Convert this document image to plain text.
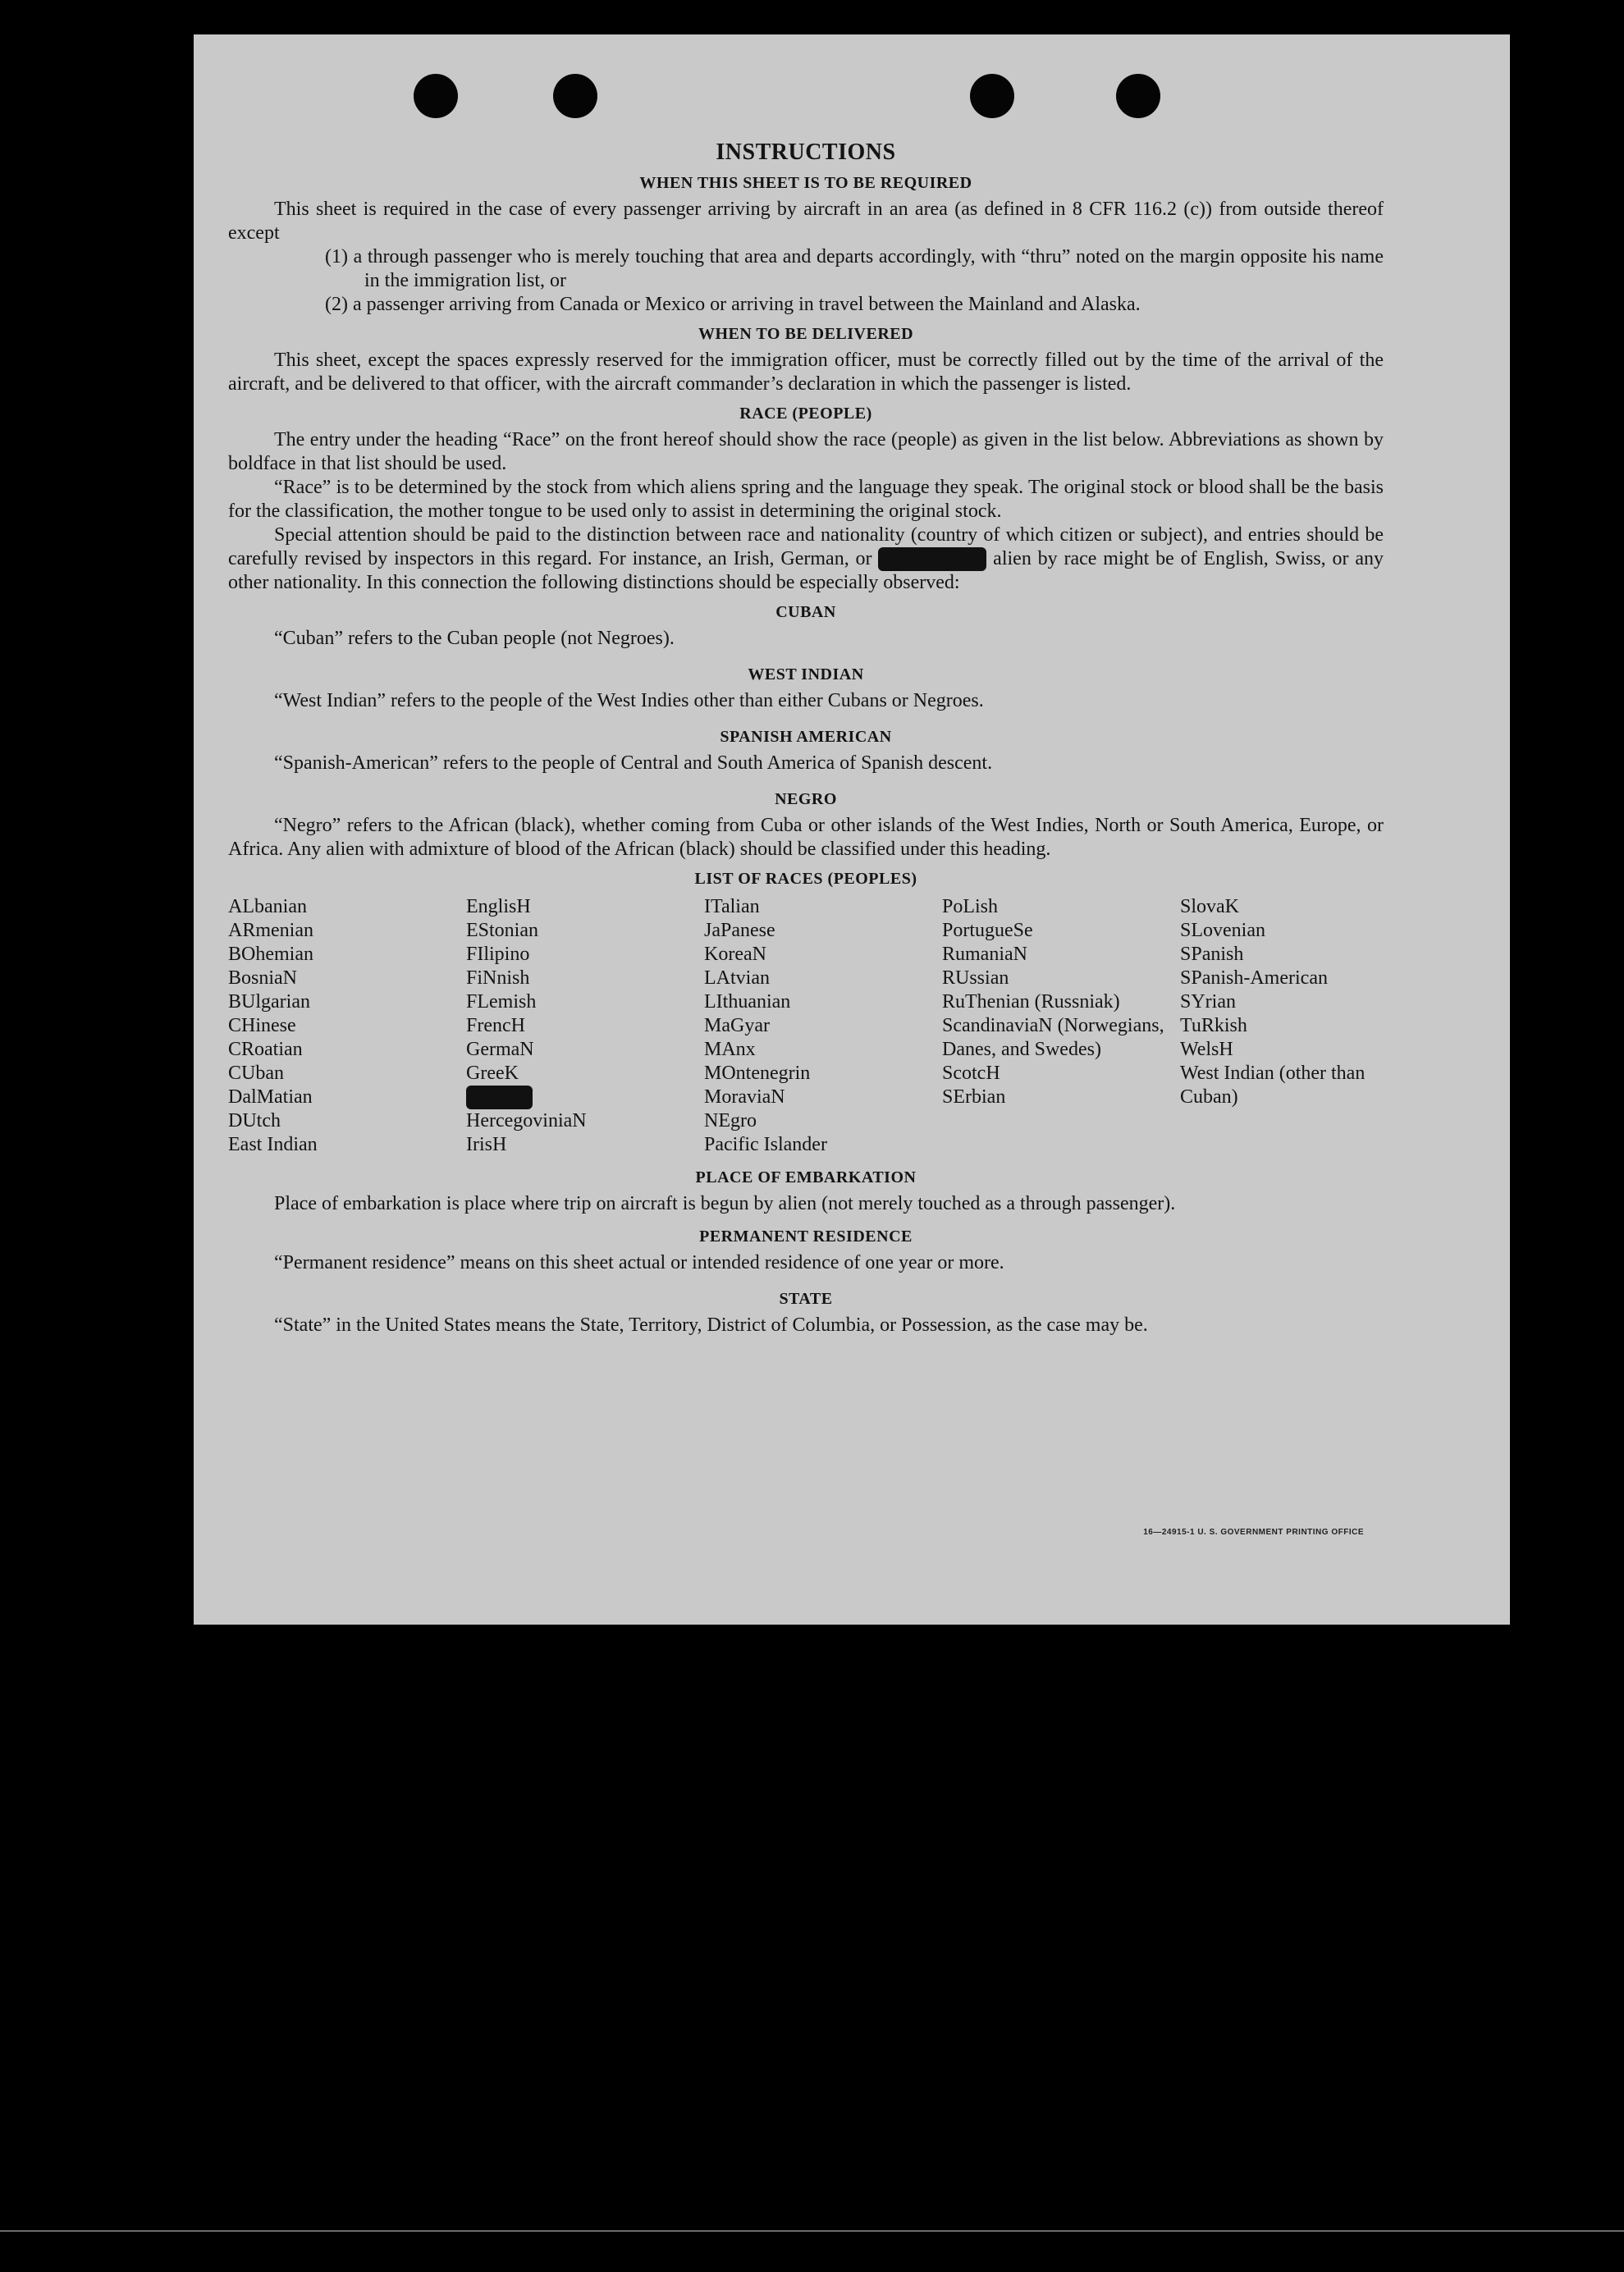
INSTRUCTIONS
WHEN THIS SHEET IS TO BE REQUIRED

This sheet is required in the case of every passenger arriving by aircraft in an area (as defined in 8 CFR 116.2 (c)) from outside thereof except

(1) a through passenger who is merely touching that area and departs accordingly, with “thru” noted on the margin opposite his name in the immigration list, or
(2) a passenger arriving from Canada or Mexico or arriving in travel between the Mainland and Alaska.
WHEN TO BE DELIVERED

This sheet, except the spaces expressly reserved for the immigration officer, must be correctly filled out by the time of the arrival of the aircraft, and be delivered to that officer, with the aircraft commander’s declaration in which the passenger is listed.

RACE (PEOPLE)

The entry under the heading “Race” on the front hereof should show the race (people) as given in the list below. Abbreviations as shown by boldface in that list should be used.

“Race” is to be determined by the stock from which aliens spring and the language they speak. The original stock or blood shall be the basis for the classification, the mother tongue to be used only to assist in determining the original stock.

Special attention should be paid to the distinction between race and nationality (country of which citizen or subject), and entries should be carefully revised by inspectors in this regard. For instance, an Irish, German, or	Hebrew alien by race might be of English, Swiss, or any other nationality. In this connection the following distinctions should be especially observed:

CUBAN

“Cuban” refers to the Cuban people (not Negroes).

WEST INDIAN

“West Indian” refers to the people of the West Indies other than either Cubans or Negroes.

SPANISH AMERICAN

“Spanish-American” refers to the people of Central and South America of Spanish descent.

NEGRO

“Negro” refers to the African (black), whether coming from Cuba or other islands of the West Indies, North or South America, Europe, or Africa. Any alien with admixture of blood of the African (black) should be classified under this heading.

LIST OF RACES (PEOPLES)
ALbanian
ARmenian
BOhemian
BosniaN
BUlgarian
CHinese
CRoatian
CUban
DalMatian
DUtch
East Indian
EnglisH
EStonian
FIlipino
FiNnish
FLemish
FrencH
GermaN
GreeK
HebreW
HercegoviniaN
IrisH
ITalian
JaPanese
KoreaN
LAtvian
LIthuanian
MaGyar
MAnx
MOntenegrin
MoraviaN
NEgro
Pacific Islander
PoLish
PortugueSe
RumaniaN
RUssian
RuThenian (Russniak)
ScandinaviaN (Norwegians, Danes, and Swedes)
ScotcH
SErbian
SlovaK
SLovenian
SPanish
SPanish-American
SYrian
TuRkish
WelsH
West Indian (other than Cuban)
PLACE OF EMBARKATION

Place of embarkation is place where trip on aircraft is begun by alien (not merely touched as a through passenger).

PERMANENT RESIDENCE

“Permanent residence” means on this sheet actual or intended residence of one year or more.

STATE

“State” in the United States means the State, Territory, District of Columbia, or Possession, as the case may be.

16—24915-1 U. S. GOVERNMENT PRINTING OFFICE
